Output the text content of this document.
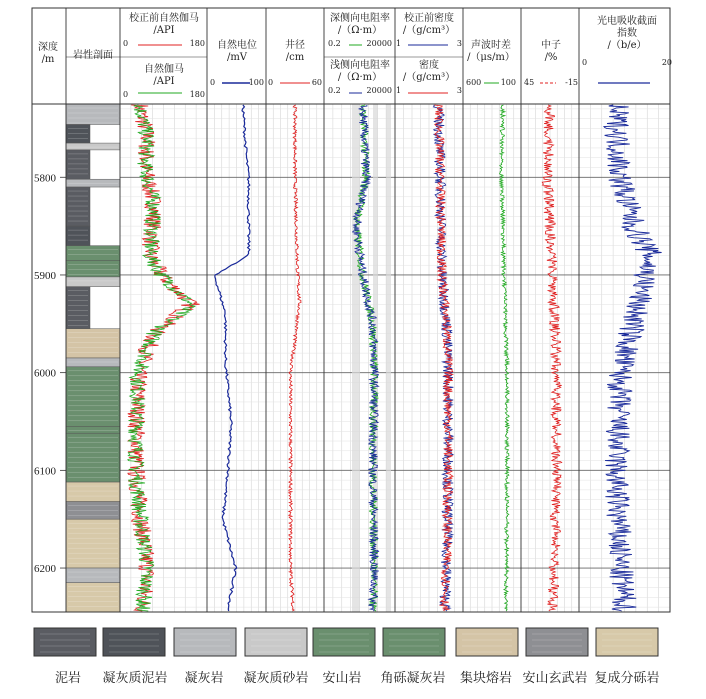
5800
5900
6000
6100
6200
深度
/m	岩性剖面
校正前自然伽马
/API
0	180
自然伽马
/API
0	180
自然电位
/mV
0	100
井径
/cm
0	60
深侧向电阻率
/（Ω·m）
0.2	20000
浅侧向电阻率
/（Ω·m）
0.2	20000
校正前密度
/（g/cm³）
1	3
密度
/（g/cm³）
1	3
声波时差
/（μs/m）
600 100
中子
/%
45	-15
光电吸收截面
指数
/（b/e）
0	20
泥岩	凝灰质泥岩	凝灰岩	凝灰质砂岩	安山岩	角砾凝灰岩	集块熔岩 安山玄武岩 复成分砾岩
